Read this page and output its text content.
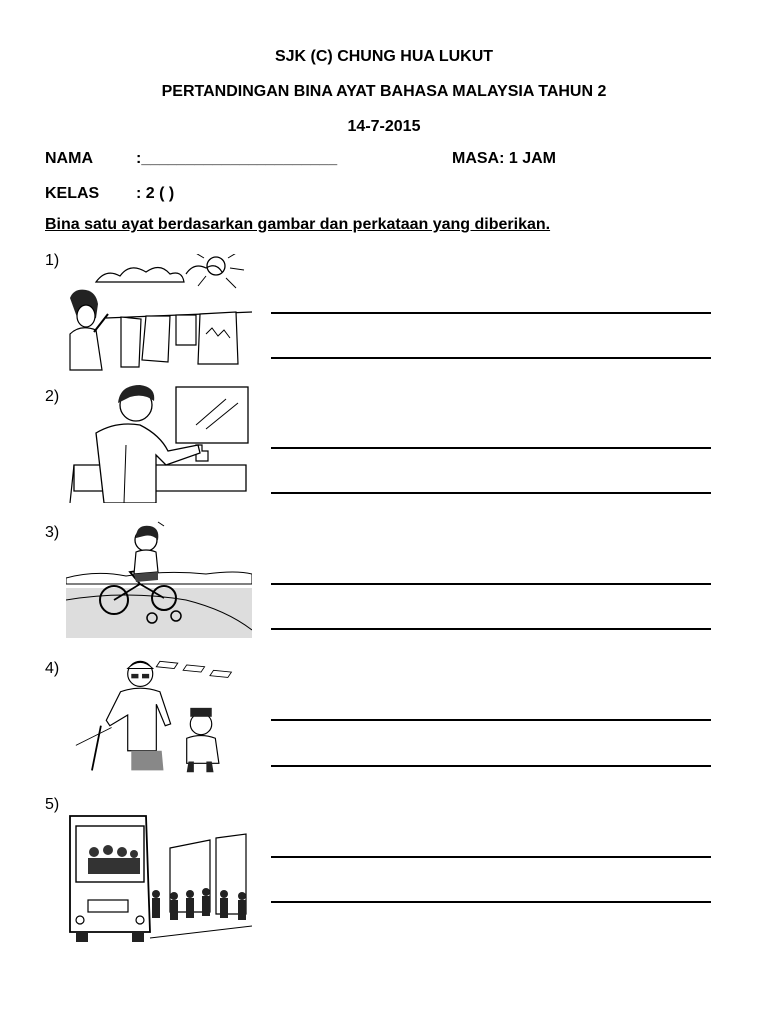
SJK (C) CHUNG HUA LUKUT
PERTANDINGAN BINA AYAT BAHASA MALAYSIA TAHUN 2
14-7-2015
NAMA	:______________________	MASA: 1 JAM
KELAS : 2 ( )
Bina satu ayat berdasarkan gambar dan perkataan yang diberikan.
1)
2)
3)
4)
5)
